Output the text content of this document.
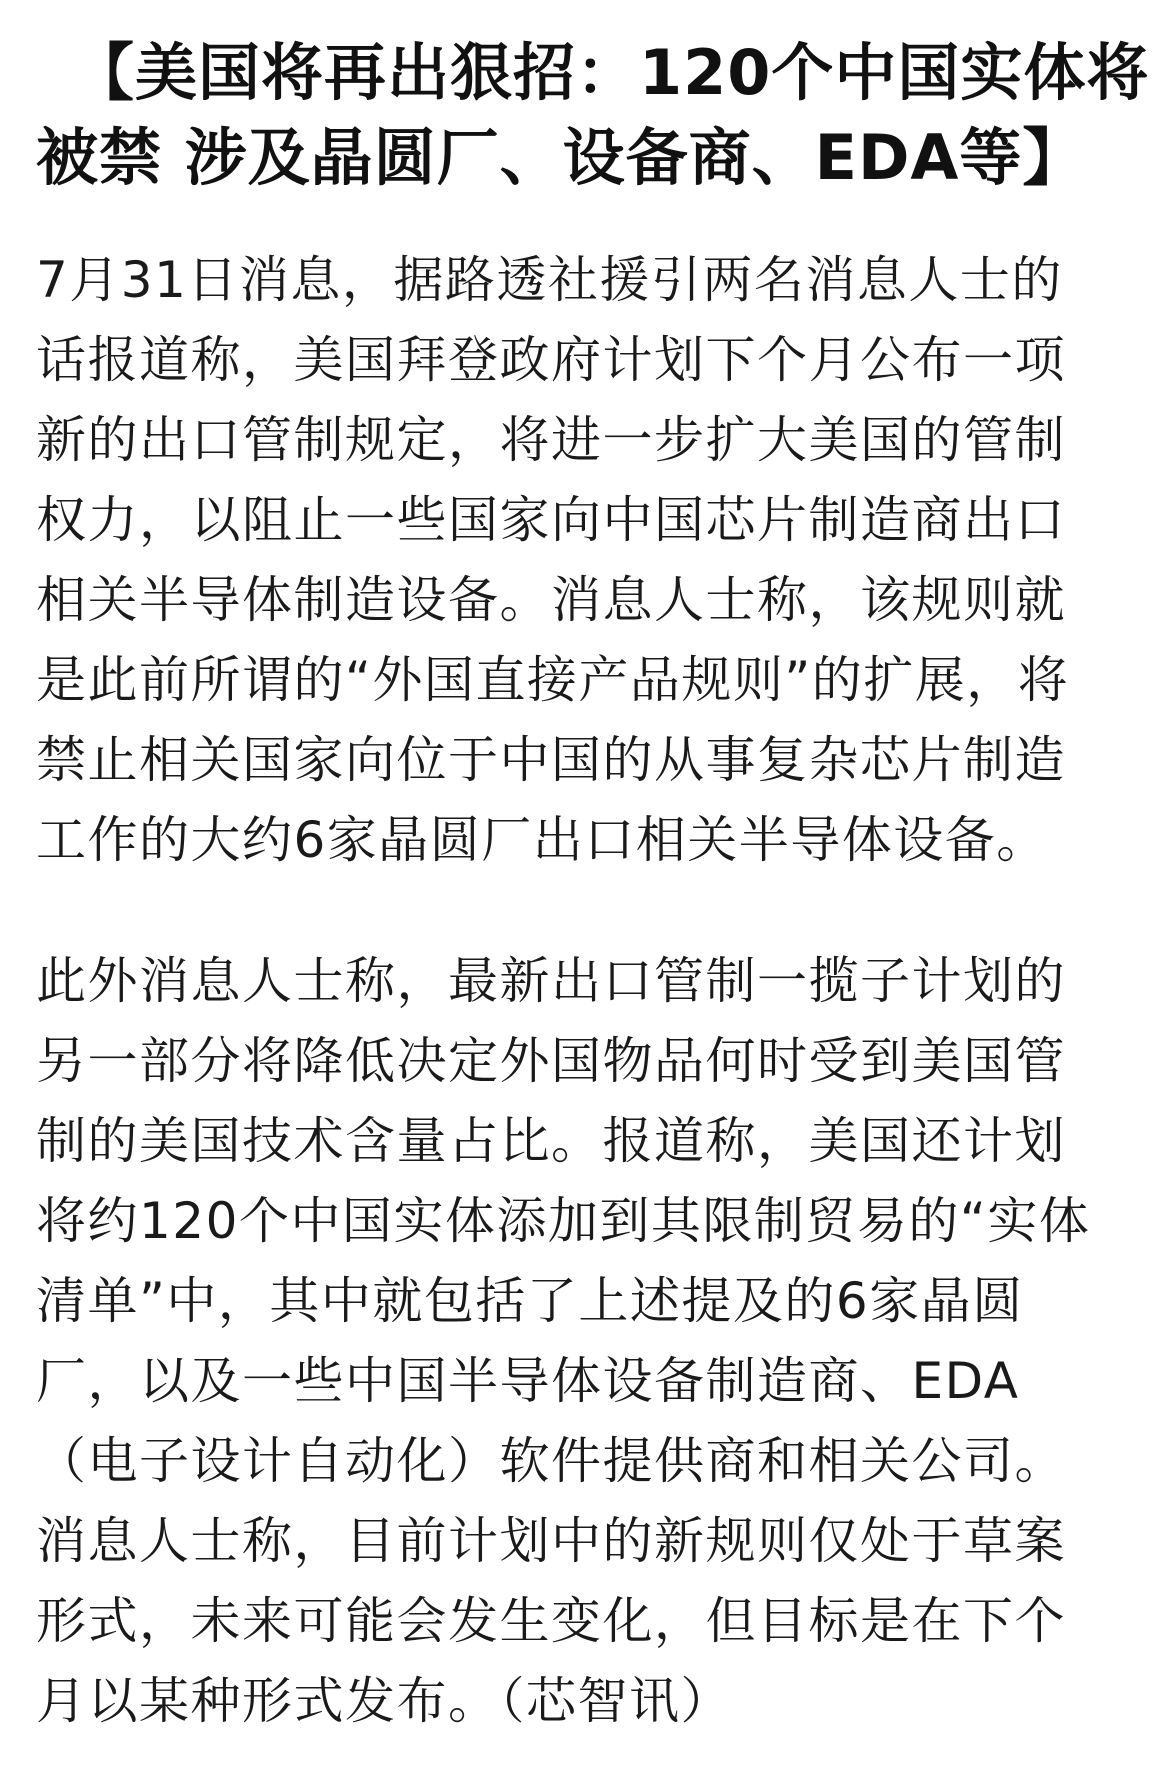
【美国将再出狠招：120个中国实体将
被禁 涉及晶圆厂、设备商、EDA等】

7月31日消息，据路透社援引两名消息人士的
话报道称，美国拜登政府计划下个月公布一项
新的出口管制规定，将进一步扩大美国的管制
权力，以阻止一些国家向中国芯片制造商出口
相关半导体制造设备。消息人士称，该规则就
是此前所谓的“外国直接产品规则”的扩展，将
禁止相关国家向位于中国的从事复杂芯片制造
工作的大约6家晶圆厂出口相关半导体设备。

此外消息人士称，最新出口管制一揽子计划的
另一部分将降低决定外国物品何时受到美国管
制的美国技术含量占比。报道称，美国还计划
将约120个中国实体添加到其限制贸易的“实体
清单”中，其中就包括了上述提及的6家晶圆
厂，以及一些中国半导体设备制造商、EDA
（电子设计自动化）软件提供商和相关公司。
消息人士称，目前计划中的新规则仅处于草案
形式，未来可能会发生变化，但目标是在下个
月以某种形式发布。（芯智讯）
